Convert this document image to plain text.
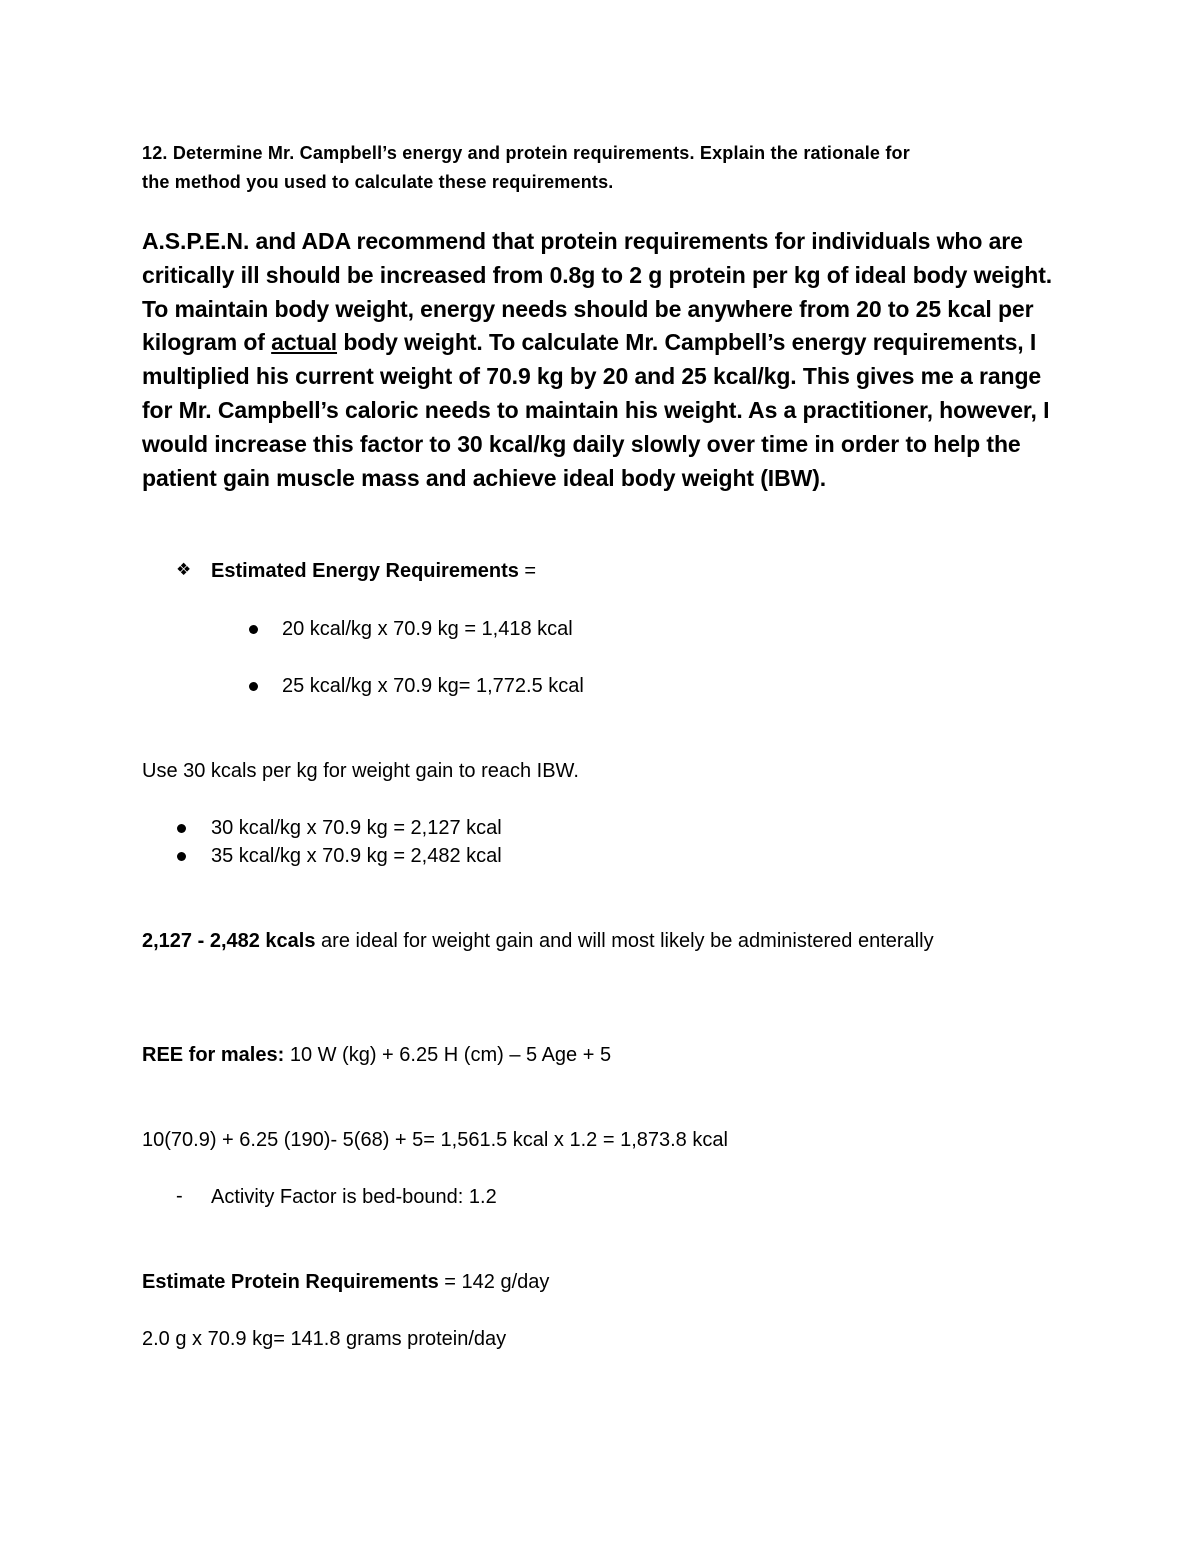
12. Determine Mr. Campbell’s energy and protein requirements. Explain the rationale for
the method you used to calculate these requirements.
A.S.P.E.N. and ADA recommend that protein requirements for individuals who are critically ill should be increased from 0.8g to 2 g protein per kg of ideal body weight. To maintain body weight, energy needs should be anywhere from 20 to 25 kcal per kilogram of actual body weight. To calculate Mr. Campbell’s energy requirements, I multiplied his current weight of 70.9 kg by 20 and 25 kcal/kg. This gives me a range for Mr. Campbell’s caloric needs to maintain his weight. As a practitioner, however, I would increase this factor to 30 kcal/kg daily slowly over time in order to help the patient gain muscle mass and achieve ideal body weight (IBW).
❖ Estimated Energy Requirements =
20 kcal/kg x 70.9 kg = 1,418 kcal
25 kcal/kg x 70.9 kg= 1,772.5 kcal
Use 30 kcals per kg for weight gain to reach IBW.
30 kcal/kg x 70.9 kg = 2,127 kcal
35 kcal/kg x 70.9 kg = 2,482 kcal
2,127 - 2,482 kcals are ideal for weight gain and will most likely be administered enterally
REE for males: 10 W (kg) + 6.25 H (cm) – 5 Age + 5
10(70.9) + 6.25 (190)- 5(68) + 5= 1,561.5 kcal x 1.2 = 1,873.8 kcal
- Activity Factor is bed-bound: 1.2
Estimate Protein Requirements = 142 g/day
2.0 g x 70.9 kg= 141.8 grams protein/day
